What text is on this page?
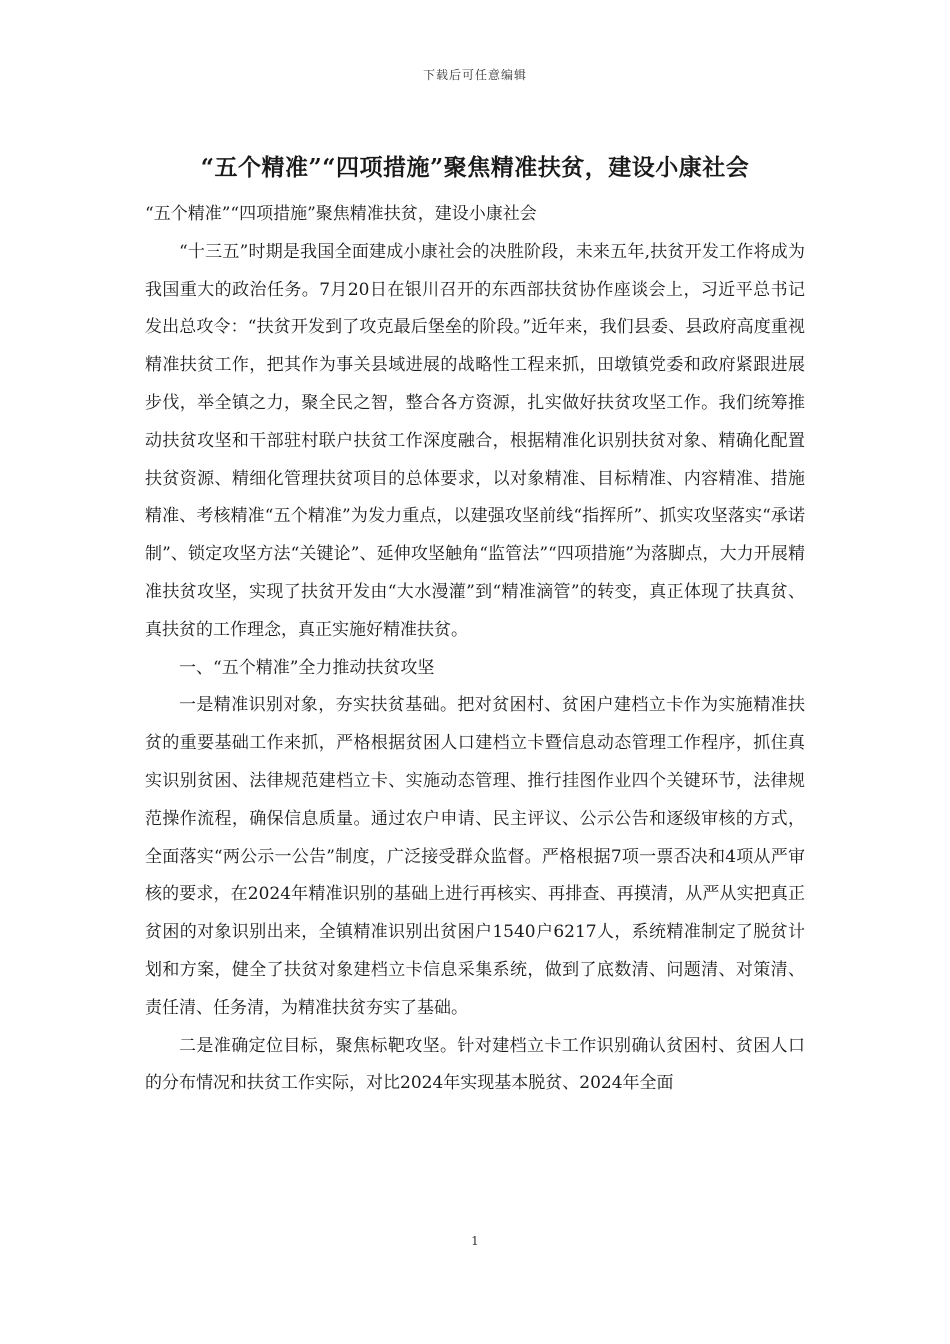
下载后可任意编辑
“五个精准”“四项措施”聚焦精准扶贫，建设小康社会

“五个精准”“四项措施”聚焦精准扶贫，建设小康社会

“十三五”时期是我国全面建成小康社会的决胜阶段，未来五年,扶贫开发工作将成为我国重大的政治任务。7月20日在银川召开的东西部扶贫协作座谈会上，习近平总书记发出总攻令：“扶贫开发到了攻克最后堡垒的阶段。”近年来，我们县委、县政府高度重视精准扶贫工作，把其作为事关县域进展的战略性工程来抓，田墩镇党委和政府紧跟进展步伐，举全镇之力，聚全民之智，整合各方资源，扎实做好扶贫攻坚工作。我们统筹推动扶贫攻坚和干部驻村联户扶贫工作深度融合，根据精准化识别扶贫对象、精确化配置扶贫资源、精细化管理扶贫项目的总体要求，以对象精准、目标精准、内容精准、措施精准、考核精准“五个精准”为发力重点，以建强攻坚前线“指挥所”、抓实攻坚落实“承诺制”、锁定攻坚方法“关键论”、延伸攻坚触角“监管法”“四项措施”为落脚点，大力开展精准扶贫攻坚，实现了扶贫开发由“大水漫灌”到“精准滴管”的转变，真正体现了扶真贫、真扶贫的工作理念，真正实施好精准扶贫。

一、“五个精准”全力推动扶贫攻坚

一是精准识别对象，夯实扶贫基础。把对贫困村、贫困户建档立卡作为实施精准扶贫的重要基础工作来抓，严格根据贫困人口建档立卡暨信息动态管理工作程序，抓住真实识别贫困、法律规范建档立卡、实施动态管理、推行挂图作业四个关键环节，法律规范操作流程，确保信息质量。通过农户申请、民主评议、公示公告和逐级审核的方式，全面落实“两公示一公告”制度，广泛接受群众监督。严格根据7项一票否决和4项从严审核的要求，在2024年精准识别的基础上进行再核实、再排查、再摸清，从严从实把真正贫困的对象识别出来，全镇精准识别出贫困户1540户6217人，系统精准制定了脱贫计划和方案，健全了扶贫对象建档立卡信息采集系统，做到了底数清、问题清、对策清、责任清、任务清，为精准扶贫夯实了基础。

二是准确定位目标，聚焦标靶攻坚。针对建档立卡工作识别确认贫困村、贫困人口的分布情况和扶贫工作实际，对比2024年实现基本脱贫、2024年全面

1
